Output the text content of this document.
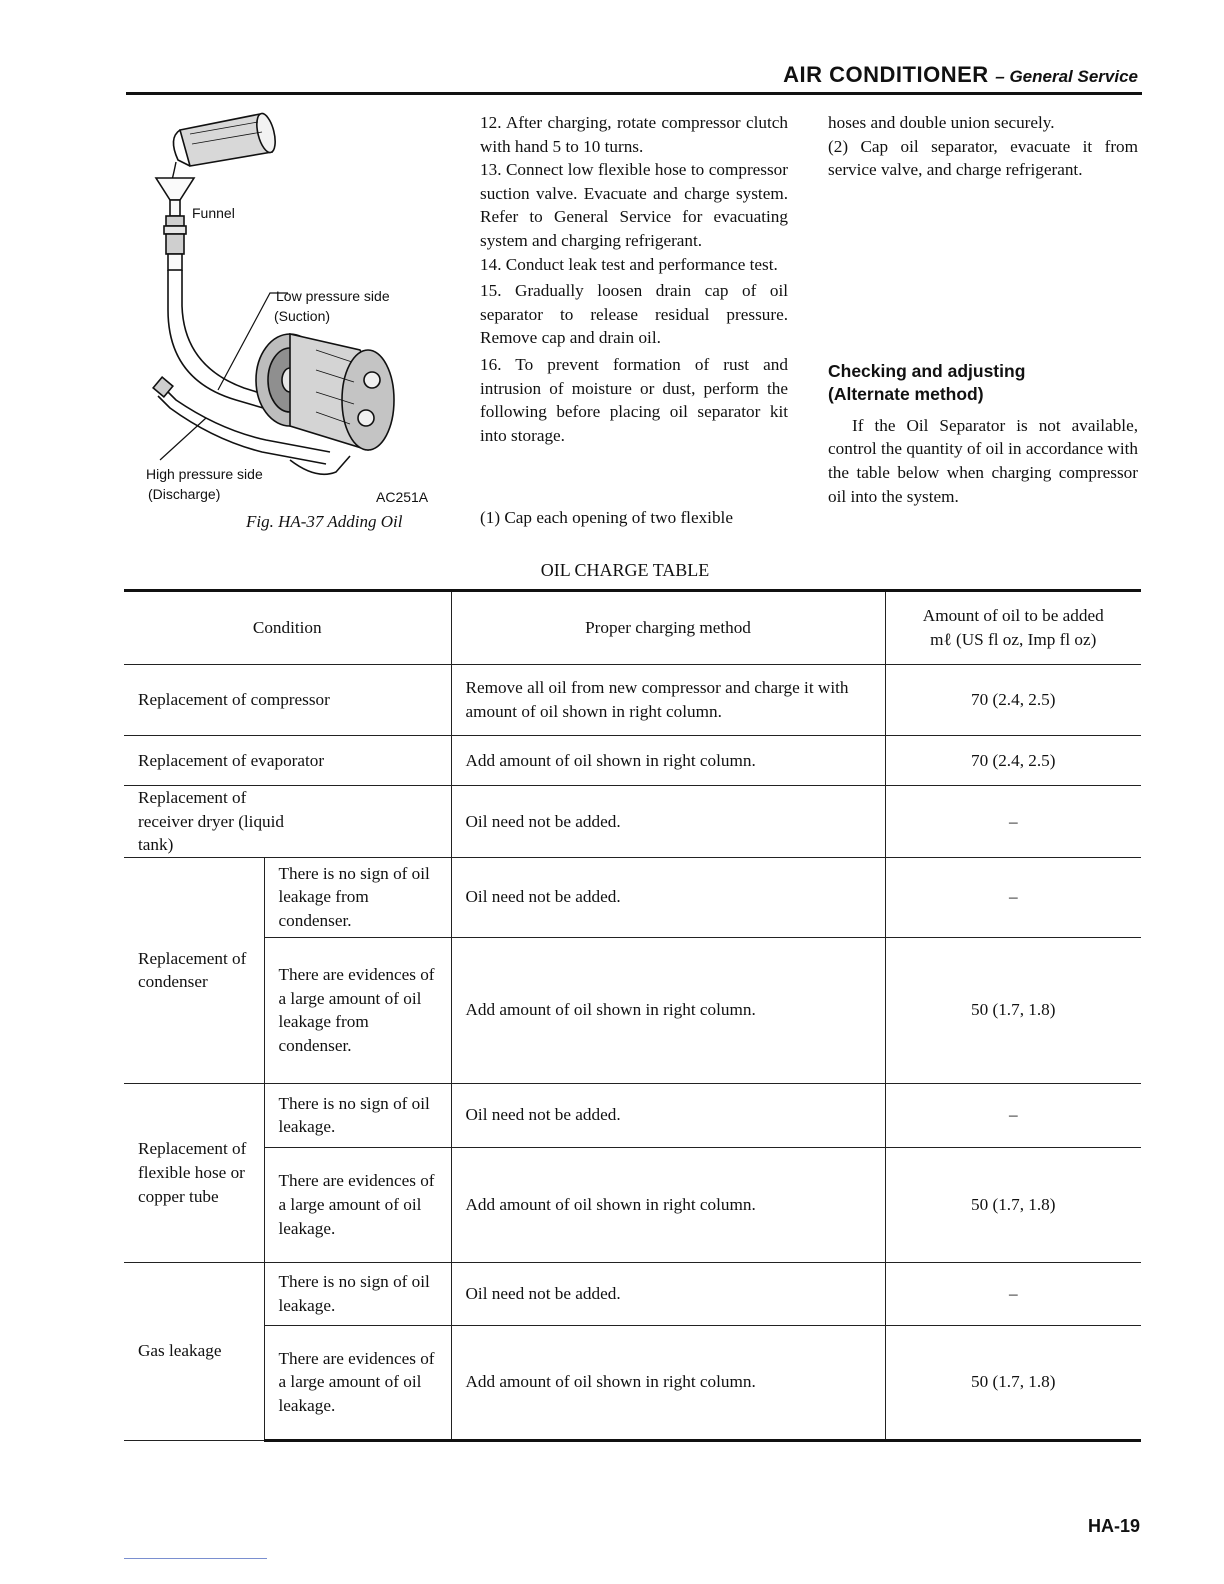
AIR CONDITIONER – General Service
Funnel
Low pressure side
(Suction)
High pressure side
(Discharge)	AC251A
Fig. HA-37 Adding Oil

12. After charging, rotate compressor clutch with hand 5 to 10 turns.

13. Connect low flexible hose to compressor suction valve. Evacuate and charge system. Refer to General Service for evacuating system and charging refrigerant.

14. Conduct leak test and performance test.

15. Gradually loosen drain cap of oil separator to release residual pressure. Remove cap and drain oil.

16. To prevent formation of rust and intrusion of moisture or dust, perform the following before placing oil separator kit into storage.

(1) Cap each opening of two flexible

hoses and double union securely.

(2) Cap oil separator, evacuate it from service valve, and charge refrigerant.

Checking and adjusting (Alternate method)

If the Oil Separator is not available, control the quantity of oil in accordance with the table below when charging compressor oil into the system.

OIL CHARGE TABLE
Condition		Proper charging method	Amount of oil to be added
mℓ (US fl oz, Imp fl oz)

Replacement of compressor		Remove all oil from new compressor and charge it with amount of oil shown in right column.	70 (2.4, 2.5)
Replacement of evaporator		Add amount of oil shown in right column.	70 (2.4, 2.5)
Replacement of receiver dryer (liquid tank)		Oil need not be added.	–
Replacement of condenser	There is no sign of oil leakage from condenser.	Oil need not be added.	–
	There are evidences of a large amount of oil leakage from condenser.	Add amount of oil shown in right column.	50 (1.7, 1.8)
Replacement of flexible hose or copper tube	There is no sign of oil leakage.	Oil need not be added.	–
	There are evidences of a large amount of oil leakage.	Add amount of oil shown in right column.	50 (1.7, 1.8)
Gas leakage	There is no sign of oil leakage.	Oil need not be added.	–
	There are evidences of a large amount of oil leakage.	Add amount of oil shown in right column.	50 (1.7, 1.8)
HA-19
